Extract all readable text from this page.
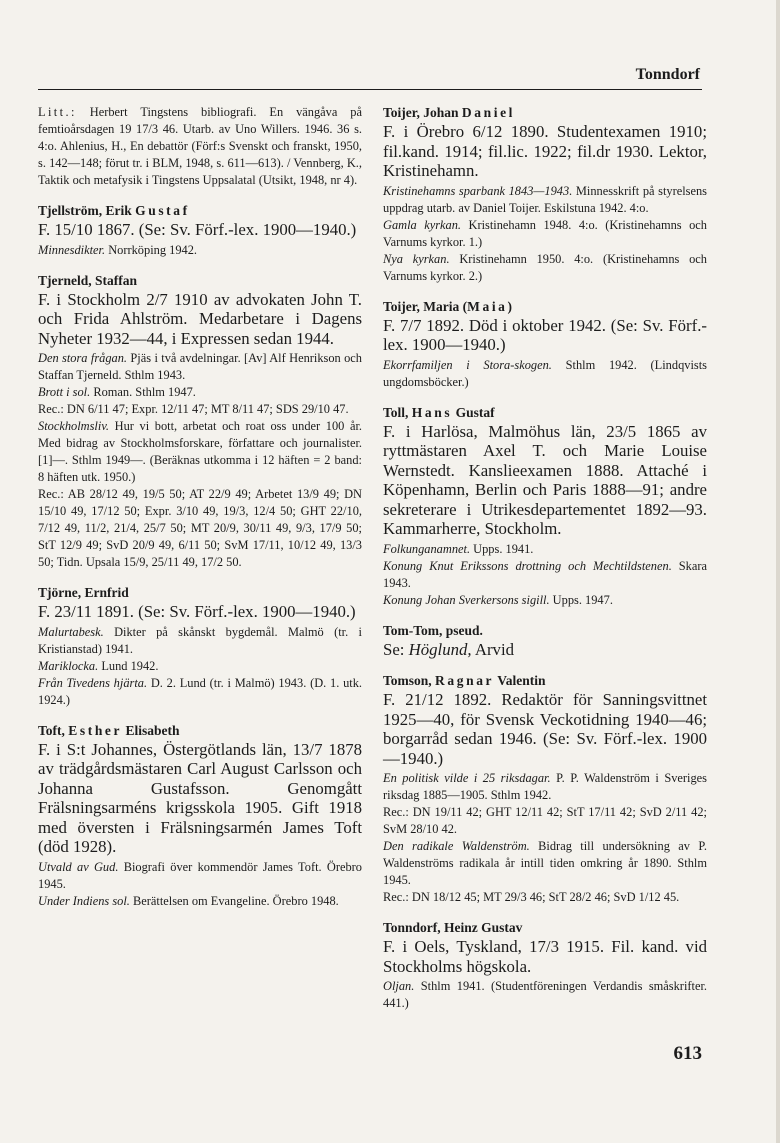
Tonndorf

Litt.: Herbert Tingstens bibliografi. En vängåva på femtioårsdagen 19 17/3 46. Utarb. av Uno Willers. 1946. 36 s. 4:o. Ahlenius, H., En debattör (Förf:s Svenskt och franskt, 1950, s. 142—148; förut tr. i BLM, 1948, s. 611—613). / Vennberg, K., Taktik och metafysik i Tingstens Uppsalatal (Utsikt, 1948, nr 4).

Tjellström, Erik Gustaf

F. 15/10 1867. (Se: Sv. Förf.-lex. 1900—1940.)

Minnesdikter. Norrköping 1942.

Tjerneld, Staffan

F. i Stockholm 2/7 1910 av advokaten John T. och Frida Ahlström. Medarbetare i Dagens Nyheter 1932—44, i Expressen sedan 1944.

Den stora frågan. Pjäs i två avdelningar. [Av] Alf Henrikson och Staffan Tjerneld. Sthlm 1943.

Brott i sol. Roman. Sthlm 1947.

Rec.: DN 6/11 47; Expr. 12/11 47; MT 8/11 47; SDS 29/10 47.

Stockholmsliv. Hur vi bott, arbetat och roat oss under 100 år. Med bidrag av Stockholmsforskare, författare och journalister. [1]—. Sthlm 1949—. (Beräknas utkomma i 12 häften = 2 band: 8 häften utk. 1950.)

Rec.: AB 28/12 49, 19/5 50; AT 22/9 49; Arbetet 13/9 49; DN 15/10 49, 17/12 50; Expr. 3/10 49, 19/3, 12/4 50; GHT 22/10, 7/12 49, 11/2, 21/4, 25/7 50; MT 20/9, 30/11 49, 9/3, 17/9 50; StT 12/9 49; SvD 20/9 49, 6/11 50; SvM 17/11, 10/12 49, 13/3 50; Tidn. Upsala 15/9, 25/11 49, 17/2 50.

Tjörne, Ernfrid

F. 23/11 1891. (Se: Sv. Förf.-lex. 1900—1940.)

Malurtabesk. Dikter på skånskt bygdemål. Malmö (tr. i Kristianstad) 1941.

Mariklocka. Lund 1942.

Från Tivedens hjärta. D. 2. Lund (tr. i Malmö) 1943. (D. 1. utk. 1924.)

Toft, Esther Elisabeth

F. i S:t Johannes, Östergötlands län, 13/7 1878 av trädgårdsmästaren Carl August Carlsson och Johanna Gustafsson. Genomgått Frälsningsarméns krigsskola 1905. Gift 1918 med översten i Frälsningsarmén James Toft (död 1928).

Utvald av Gud. Biografi över kommendör James Toft. Örebro 1945.

Under Indiens sol. Berättelsen om Evangeline. Örebro 1948.

Toijer, Johan Daniel

F. i Örebro 6/12 1890. Studentexamen 1910; fil.kand. 1914; fil.lic. 1922; fil.dr 1930. Lektor, Kristinehamn.

Kristinehamns sparbank 1843—1943. Minnesskrift på styrelsens uppdrag utarb. av Daniel Toijer. Eskilstuna 1942. 4:o.

Gamla kyrkan. Kristinehamn 1948. 4:o. (Kristinehamns och Varnums kyrkor. 1.)

Nya kyrkan. Kristinehamn 1950. 4:o. (Kristinehamns och Varnums kyrkor. 2.)

Toijer, Maria (Maia)

F. 7/7 1892. Död i oktober 1942. (Se: Sv. Förf.-lex. 1900—1940.)

Ekorrfamiljen i Stora-skogen. Sthlm 1942. (Lindqvists ungdomsböcker.)

Toll, Hans Gustaf

F. i Harlösa, Malmöhus län, 23/5 1865 av ryttmästaren Axel T. och Marie Louise Wernstedt. Kanslieexamen 1888. Attaché i Köpenhamn, Berlin och Paris 1888—91; andre sekreterare i Utrikesdepartementet 1892—93. Kammarherre, Stockholm.

Folkunganamnet. Upps. 1941.

Konung Knut Erikssons drottning och Mechtildstenen. Skara 1943.

Konung Johan Sverkersons sigill. Upps. 1947.

Tom-Tom, pseud.

Se: Höglund, Arvid

Tomson, Ragnar Valentin

F. 21/12 1892. Redaktör för Sanningsvittnet 1925—40, för Svensk Veckotidning 1940—46; borgarråd sedan 1946. (Se: Sv. Förf.-lex. 1900—1940.)

En politisk vilde i 25 riksdagar. P. P. Waldenström i Sveriges riksdag 1885—1905. Sthlm 1942.

Rec.: DN 19/11 42; GHT 12/11 42; StT 17/11 42; SvD 2/11 42; SvM 28/10 42.

Den radikale Waldenström. Bidrag till undersökning av P. Waldenströms radikala år intill tiden omkring år 1890. Sthlm 1945.

Rec.: DN 18/12 45; MT 29/3 46; StT 28/2 46; SvD 1/12 45.

Tonndorf, Heinz Gustav

F. i Oels, Tyskland, 17/3 1915. Fil. kand. vid Stockholms högskola.

Oljan. Sthlm 1941. (Studentföreningen Verdandis småskrifter. 441.)

613
